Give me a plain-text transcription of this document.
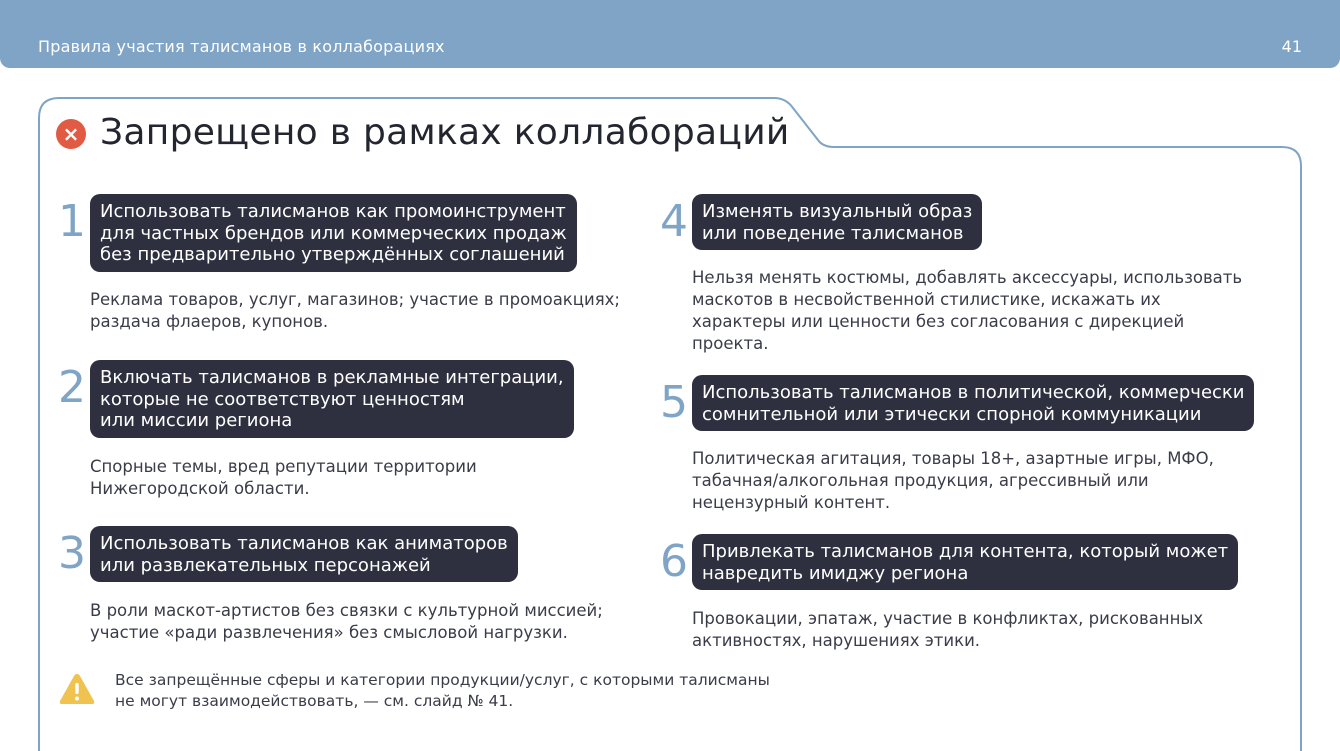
Правила участия талисманов в коллаборациях	41
× Запрещено в рамках коллабораций
1 Использовать талисманов как промоинструмент
для частных брендов или коммерческих продаж
без предварительно утверждённых соглашений
Реклама товаров, услуг, магазинов; участие в промоакциях;
раздача флаеров, купонов.
2 Включать талисманов в рекламные интеграции,
которые не соответствуют ценностям
или миссии региона
Спорные темы, вред репутации территории
Нижегородской области.
3 Использовать талисманов как аниматоров
или развлекательных персонажей
В роли маскот-артистов без связки с культурной миссией;
участие «ради развлечения» без смысловой нагрузки.
4 Изменять визуальный образ
или поведение талисманов
Нельзя менять костюмы, добавлять аксессуары, использовать
маскотов в несвойственной стилистике, искажать их
характеры или ценности без согласования с дирекцией
проекта.
5 Использовать талисманов в политической, коммерчески
сомнительной или этически спорной коммуникации
Политическая агитация, товары 18+, азартные игры, МФО,
табачная/алкогольная продукция, агрессивный или
нецензурный контент.
6 Привлекать талисманов для контента, который может
навредить имиджу региона
Провокации, эпатаж, участие в конфликтах, рискованных
активностях, нарушениях этики.
Все запрещённые сферы и категории продукции/услуг, с которыми талисманы
не могут взаимодействовать, — см. слайд № 41.
